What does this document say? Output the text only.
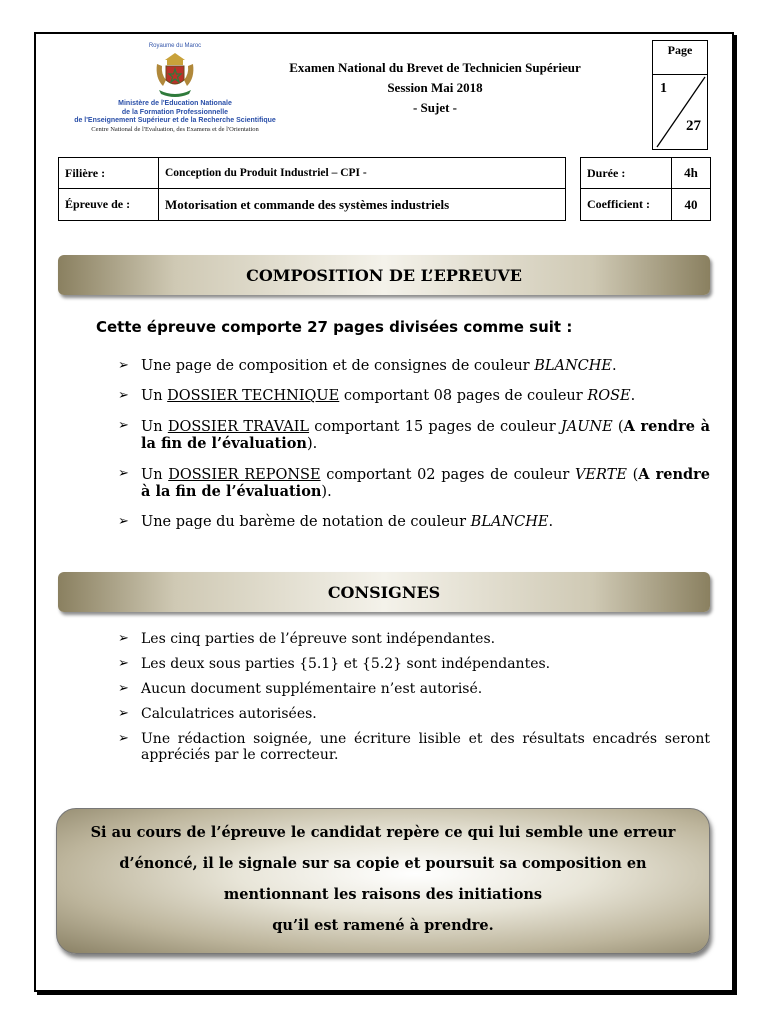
Royaume du Maroc
Ministère de l'Education Nationale
de la Formation Professionnelle
de l'Enseignement Supérieur et de la Recherche Scientifique
Centre National de l'Evaluation, des Examens et de l'Orientation
Examen National du Brevet de Technicien Supérieur
Session Mai 2018
- Sujet -
Page
1
27
Filière :	Conception du Produit Industriel – CPI -
Épreuve de :	Motorisation et commande des systèmes industriels
Durée :	4h
Coefficient :	40
COMPOSITION DE L’EPREUVE
Cette épreuve comporte 27 pages divisées comme suit :
➢ Une page de composition et de consignes de couleur BLANCHE.
➢ Un DOSSIER TECHNIQUE comportant 08 pages de couleur ROSE.
➢ Un DOSSIER TRAVAIL comportant 15 pages de couleur JAUNE (A rendre à la fin de l’évaluation).
➢ Un DOSSIER REPONSE comportant 02 pages de couleur VERTE (A rendre à la fin de l’évaluation).
➢ Une page du barème de notation de couleur BLANCHE.
CONSIGNES
➢ Les cinq parties de l’épreuve sont indépendantes.
➢ Les deux sous parties {5.1} et {5.2} sont indépendantes.
➢ Aucun document supplémentaire n’est autorisé.
➢ Calculatrices autorisées.
➢ Une rédaction soignée, une écriture lisible et des résultats encadrés seront appréciés par le correcteur.
Si au cours de l’épreuve le candidat repère ce qui lui semble une erreur
d’énoncé, il le signale sur sa copie et poursuit sa composition en
mentionnant les raisons des initiations
qu’il est ramené à prendre.
